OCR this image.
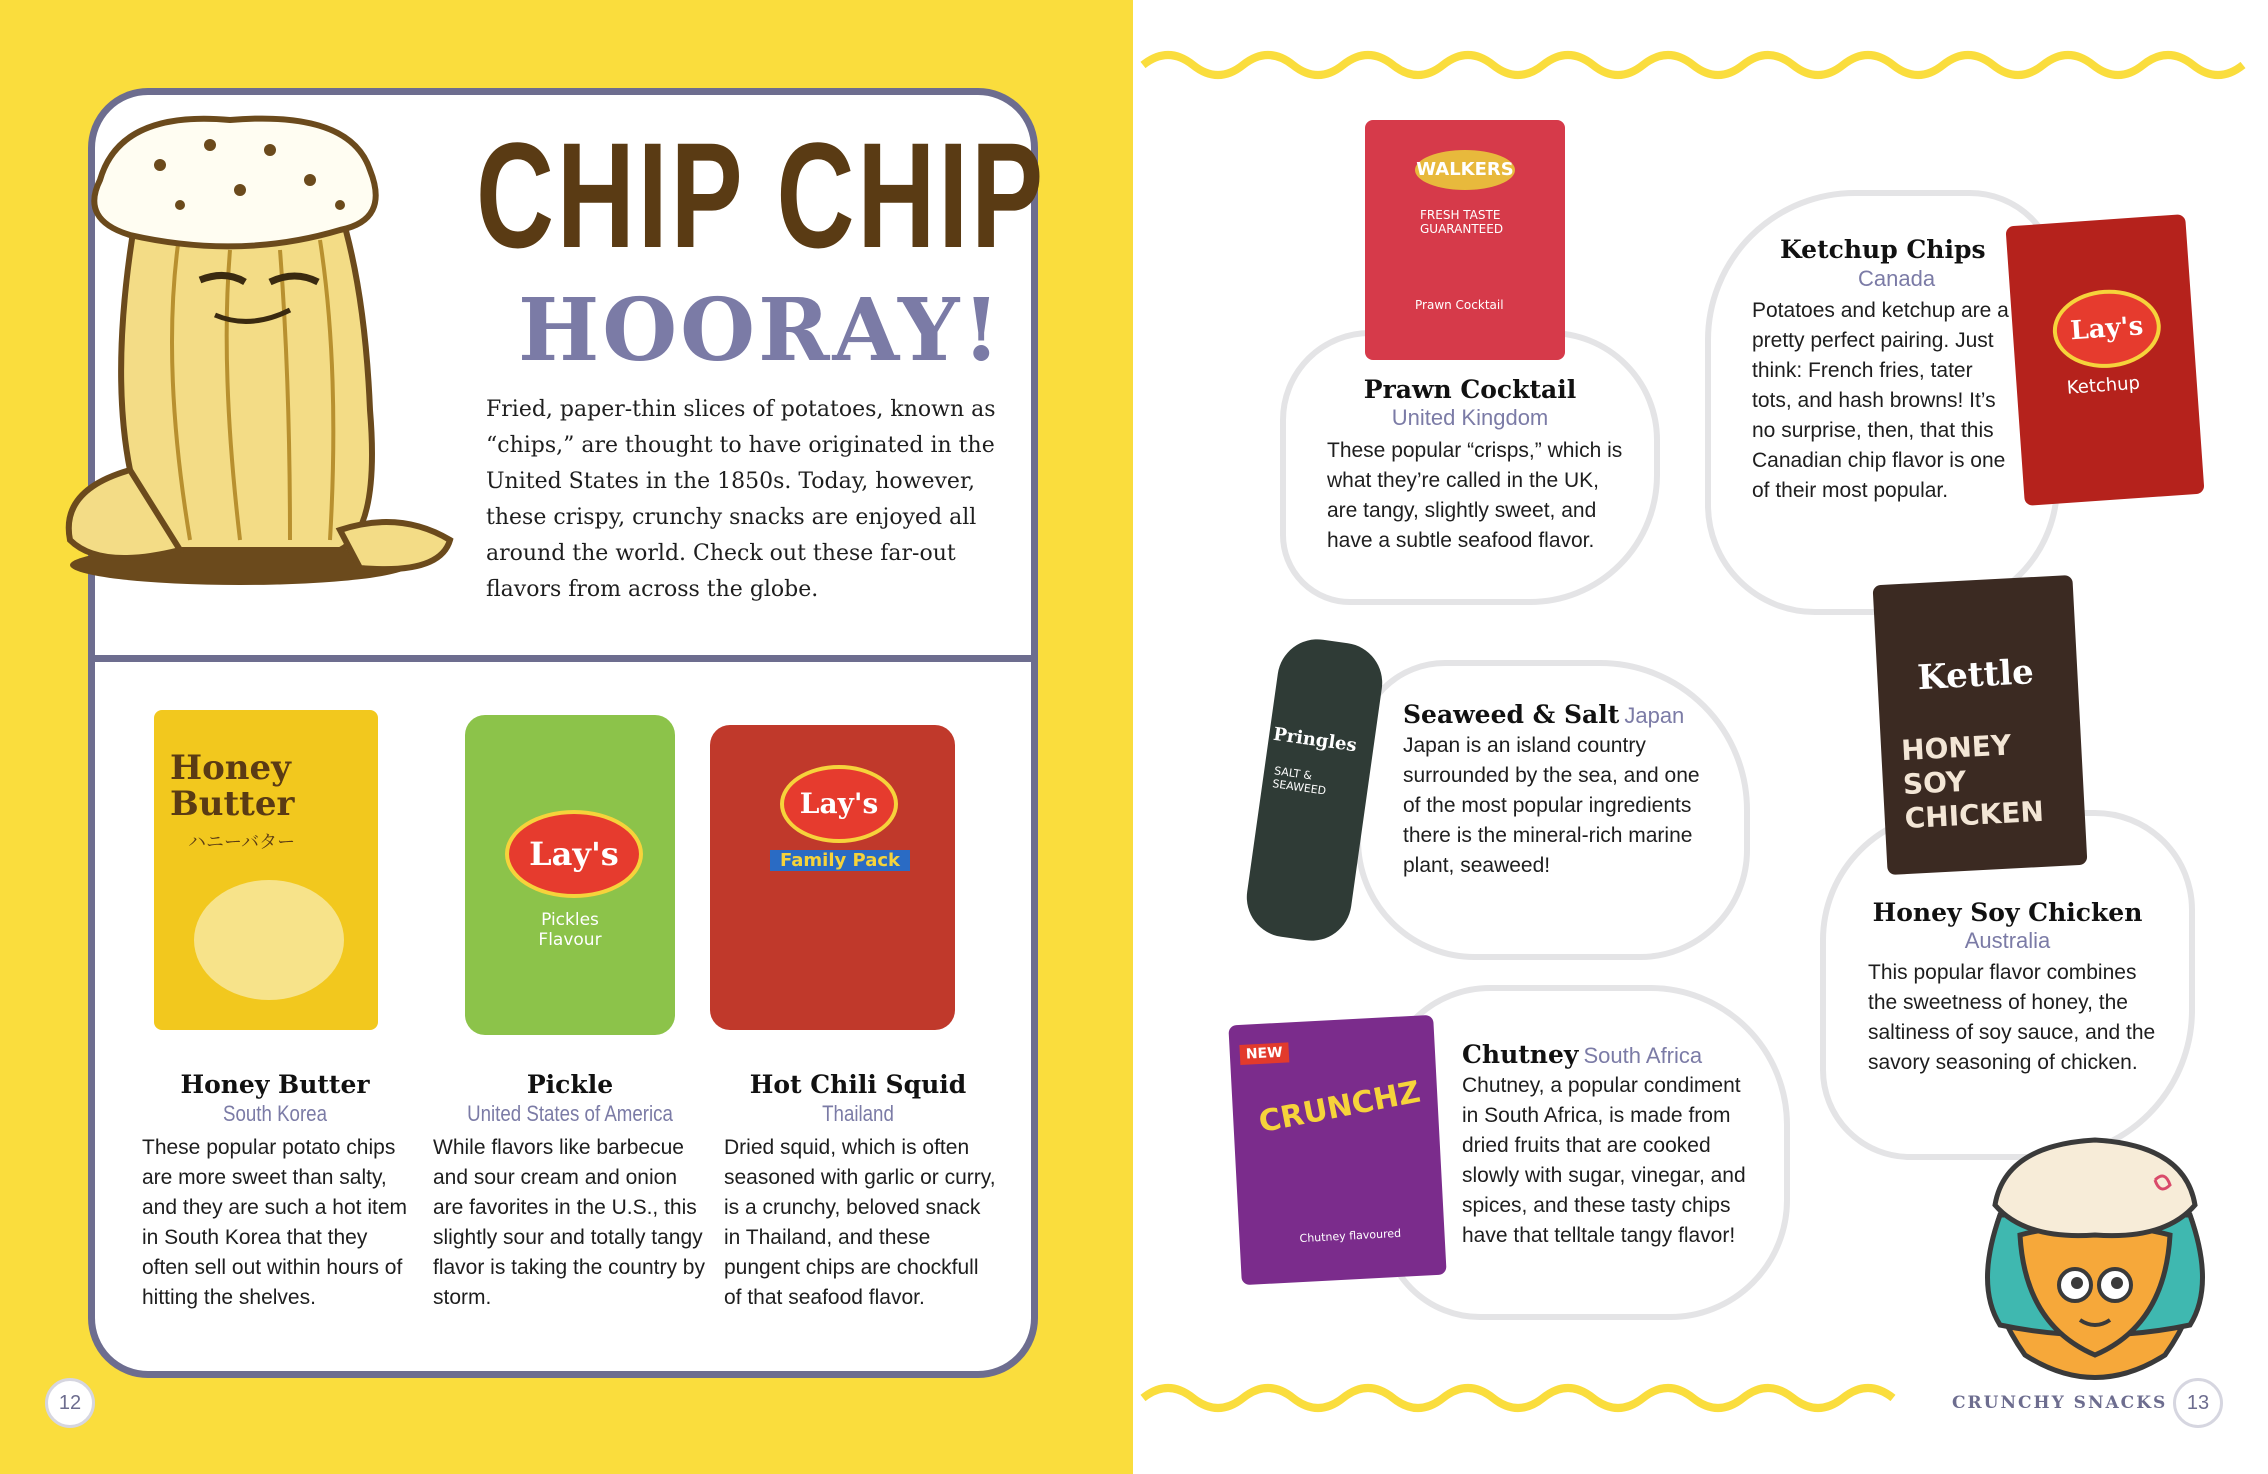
CHIP CHIP
HOORAY!
Fried, paper-thin slices of potatoes, known as “chips,” are thought to have originated in the United States in the 1850s. Today, however, these crispy, crunchy snacks are enjoyed all around the world. Check out these far-out flavors from across the globe.
Honey Butter
ハニーバター
Honey Butter
South Korea
These popular potato chips are more sweet than salty, and they are such a hot item in South Korea that they often sell out within hours of hitting the shelves.
Lay's
Pickles Flavour
Pickle
United States of America
While flavors like barbecue and sour cream and onion are favorites in the U.S., this slightly sour and totally tangy flavor is taking the country by storm.
Lay's
Family Pack
Hot Chili Squid
Thailand
Dried squid, which is often seasoned with garlic or curry, is a crunchy, beloved snack in Thailand, and these pungent chips are chockfull of that seafood flavor.
12
WALKERS
FRESH TASTE GUARANTEED
Prawn Cocktail
Prawn Cocktail
United Kingdom
These popular “crisps,” which is what they’re called in the UK, are tangy, slightly sweet, and have a subtle seafood flavor.
Lay's
Ketchup
Ketchup Chips
Canada
Potatoes and ketchup are a pretty perfect pairing. Just think: French fries, tater tots, and hash browns! It’s no surprise, then, that this Canadian chip flavor is one of their most popular.
Pringles
SALT & SEAWEED
Seaweed & Salt Japan
Japan is an island country surrounded by the sea, and one of the most popular ingredients there is the mineral-rich marine plant, seaweed!
Kettle
HONEY SOY CHICKEN
Honey Soy Chicken
Australia
This popular flavor combines the sweetness of honey, the saltiness of soy sauce, and the savory seasoning of chicken.
NEW
CRUNCHZ
Chutney flavoured
Chutney South Africa
Chutney, a popular condiment in South Africa, is made from dried fruits that are cooked slowly with sugar, vinegar, and spices, and these tasty chips have that telltale tangy flavor!
CRUNCHY SNACKS 13
